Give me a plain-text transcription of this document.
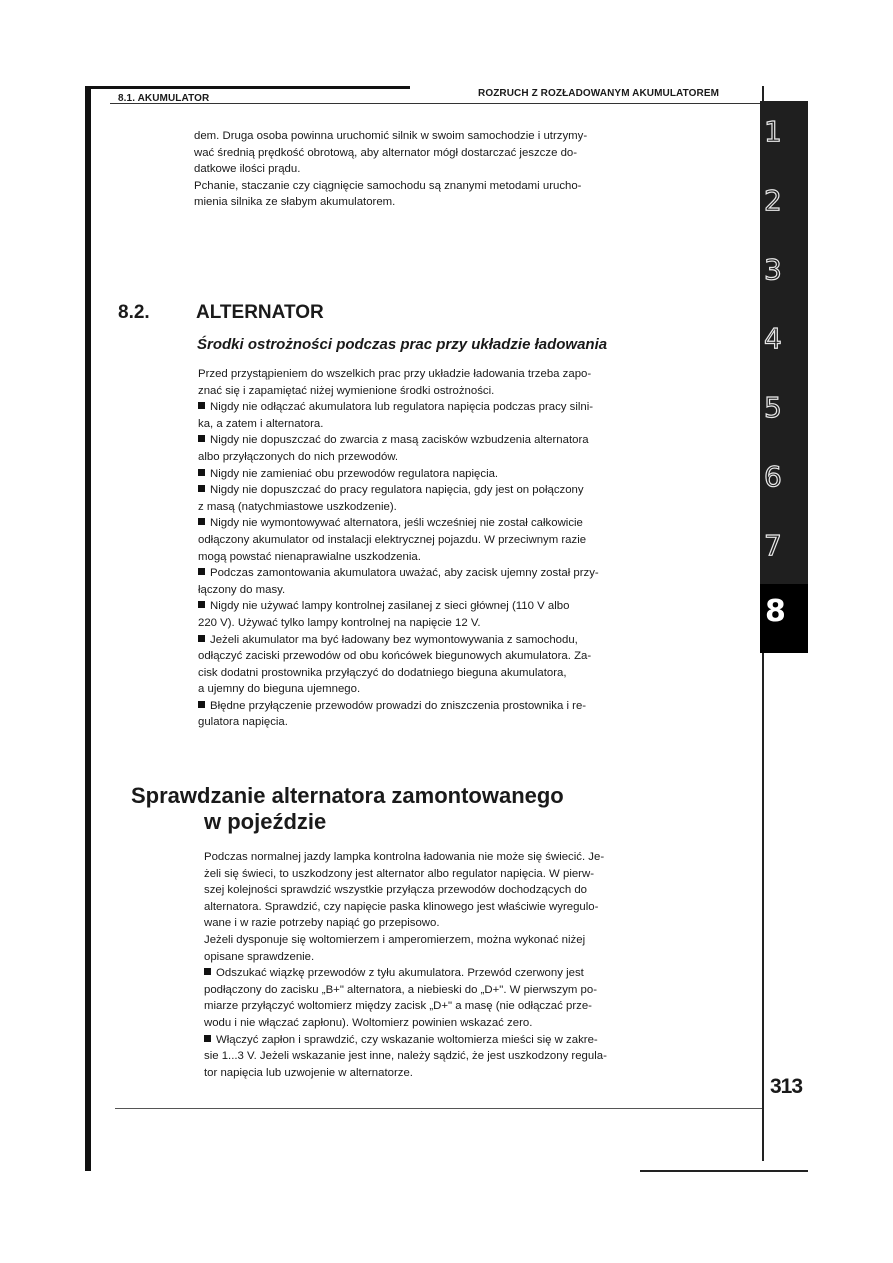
8.1. AKUMULATOR	ROZRUCH Z ROZŁADOWANYM AKUMULATOREM

dem. Druga osoba powinna uruchomić silnik w swoim samochodzie i utrzymy-

wać średnią prędkość obrotową, aby alternator mógł dostarczać jeszcze do-

datkowe ilości prądu.

Pchanie, staczanie czy ciągnięcie samochodu są znanymi metodami urucho-

mienia silnika ze słabym akumulatorem.

8.2. ALTERNATOR
Środki ostrożności podczas prac przy układzie ładowania

Przed przystąpieniem do wszelkich prac przy układzie ładowania trzeba zapo-

znać się i zapamiętać niżej wymienione środki ostrożności.

Nigdy nie odłączać akumulatora lub regulatora napięcia podczas pracy silni-

ka, a zatem i alternatora.

Nigdy nie dopuszczać do zwarcia z masą zacisków wzbudzenia alternatora

albo przyłączonych do nich przewodów.

Nigdy nie zamieniać obu przewodów regulatora napięcia.

Nigdy nie dopuszczać do pracy regulatora napięcia, gdy jest on połączony

z masą (natychmiastowe uszkodzenie).

Nigdy nie wymontowywać alternatora, jeśli wcześniej nie został całkowicie

odłączony akumulator od instalacji elektrycznej pojazdu. W przeciwnym razie

mogą powstać nienaprawialne uszkodzenia.

Podczas zamontowania akumulatora uważać, aby zacisk ujemny został przy-

łączony do masy.

Nigdy nie używać lampy kontrolnej zasilanej z sieci głównej (110 V albo

220 V). Używać tylko lampy kontrolnej na napięcie 12 V.

Jeżeli akumulator ma być ładowany bez wymontowywania z samochodu,

odłączyć zaciski przewodów od obu końcówek biegunowych akumulatora. Za-

cisk dodatni prostownika przyłączyć do dodatniego bieguna akumulatora,

a ujemny do bieguna ujemnego.

Błędne przyłączenie przewodów prowadzi do zniszczenia prostownika i re-

gulatora napięcia.

Sprawdzanie alternatora zamontowanego
w pojeździe

Podczas normalnej jazdy lampka kontrolna ładowania nie może się świecić. Je-

żeli się świeci, to uszkodzony jest alternator albo regulator napięcia. W pierw-

szej kolejności sprawdzić wszystkie przyłącza przewodów dochodzących do

alternatora. Sprawdzić, czy napięcie paska klinowego jest właściwie wyregulo-

wane i w razie potrzeby napiąć go przepisowo.

Jeżeli dysponuje się woltomierzem i amperomierzem, można wykonać niżej

opisane sprawdzenie.

Odszukać wiązkę przewodów z tyłu akumulatora. Przewód czerwony jest

podłączony do zacisku „B+" alternatora, a niebieski do „D+". W pierwszym po-

miarze przyłączyć woltomierz między zacisk „D+" a masę (nie odłączać prze-

wodu i nie włączać zapłonu). Woltomierz powinien wskazać zero.

Włączyć zapłon i sprawdzić, czy wskazanie woltomierza mieści się w zakre-

sie 1...3 V. Jeżeli wskazanie jest inne, należy sądzić, że jest uszkodzony regula-

tor napięcia lub uzwojenie w alternatorze.

1
2
3
4
5
6
7
8
313
